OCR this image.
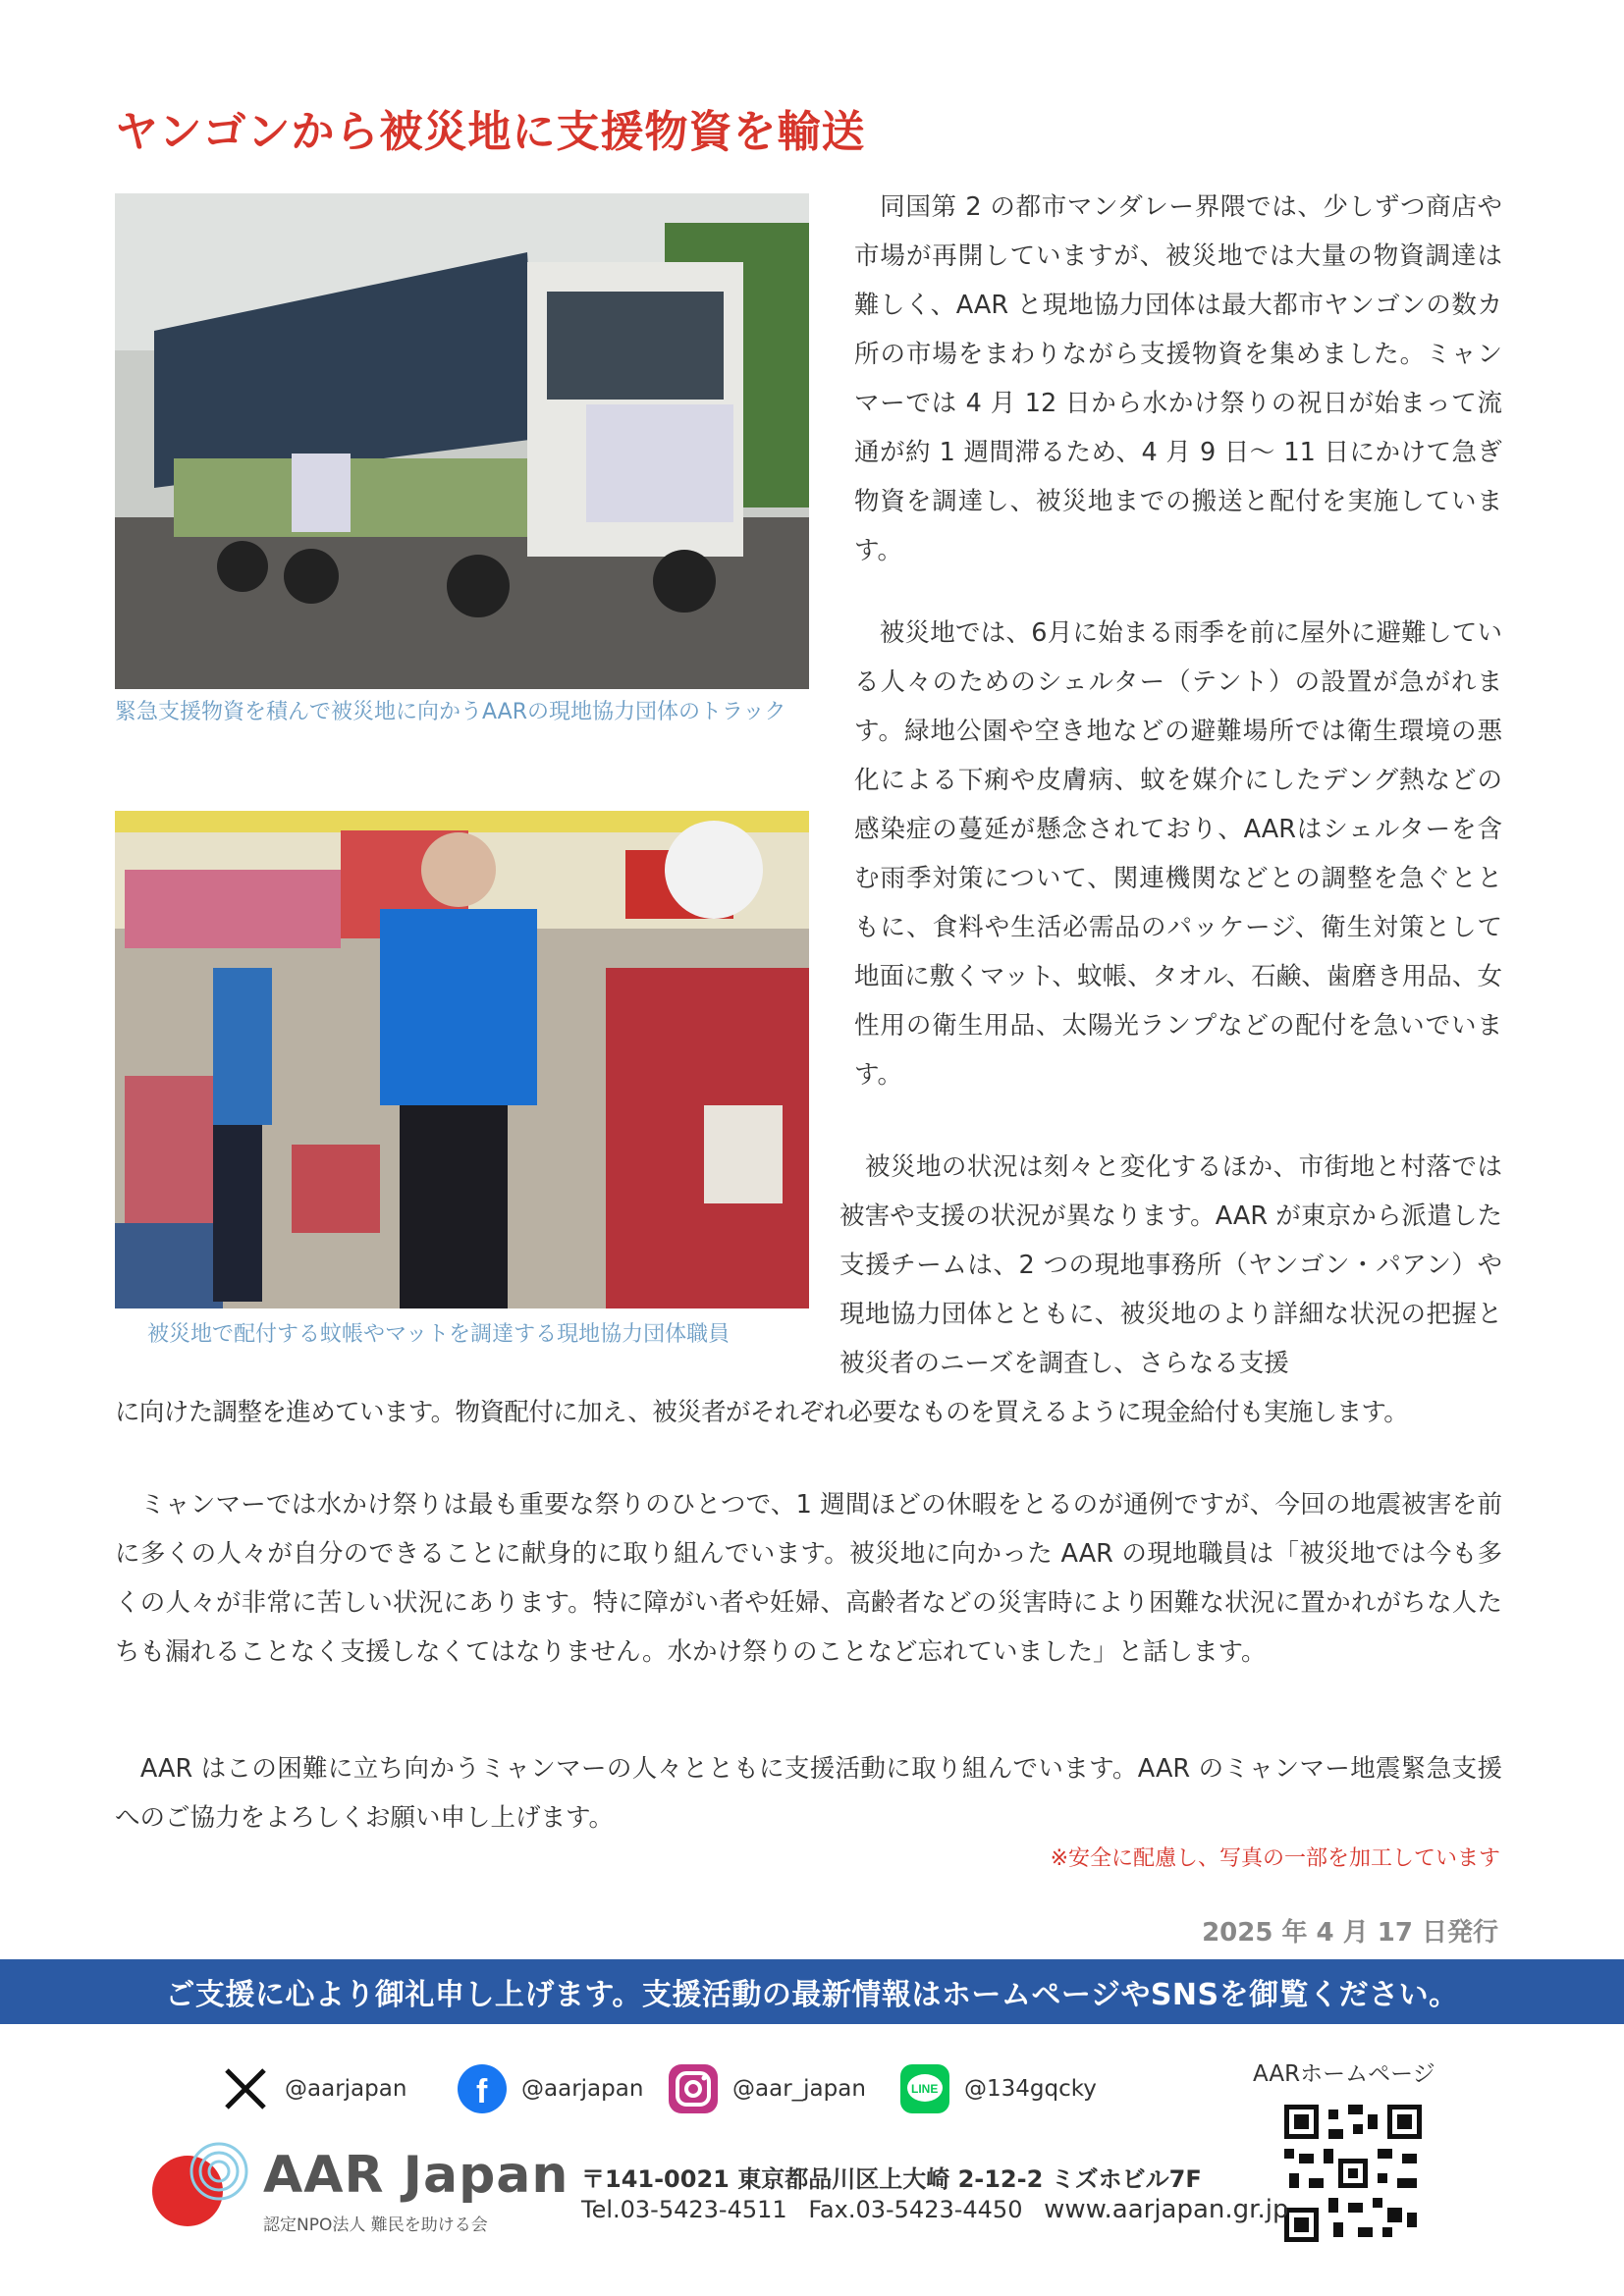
ヤンゴンから被災地に支援物資を輸送
緊急支援物資を積んで被災地に向かうAARの現地協力団体のトラック
被災地で配付する蚊帳やマットを調達する現地協力団体職員

　同国第 2 の都市マンダレー界隈では、少しずつ商店や市場が再開していますが、被災地では大量の物資調達は難しく、AAR と現地協力団体は最大都市ヤンゴンの数カ所の市場をまわりながら支援物資を集めました。ミャンマーでは 4 月 12 日から水かけ祭りの祝日が始まって流通が約 1 週間滞るため、4 月 9 日～ 11 日にかけて急ぎ物資を調達し、被災地までの搬送と配付を実施しています。

　被災地では、6月に始まる雨季を前に屋外に避難している人々のためのシェルター（テント）の設置が急がれます。緑地公園や空き地などの避難場所では衛生環境の悪化による下痢や皮膚病、蚊を媒介にしたデング熱などの感染症の蔓延が懸念されており、AARはシェルターを含む雨季対策について、関連機関などとの調整を急ぐとともに、食料や生活必需品のパッケージ、衛生対策として地面に敷くマット、蚊帳、タオル、石鹸、歯磨き用品、女性用の衛生用品、太陽光ランプなどの配付を急いでいます。

　被災地の状況は刻々と変化するほか、市街地と村落では被害や支援の状況が異なります。AAR が東京から派遣した支援チームは、2 つの現地事務所（ヤンゴン・パアン）や現地協力団体とともに、被災地のより詳細な状況の把握と被災者のニーズを調査し、さらなる支援

に向けた調整を進めています。物資配付に加え、被災者がそれぞれ必要なものを買えるように現金給付も実施します。

　ミャンマーでは水かけ祭りは最も重要な祭りのひとつで、1 週間ほどの休暇をとるのが通例ですが、今回の地震被害を前に多くの人々が自分のできることに献身的に取り組んでいます。被災地に向かった AAR の現地職員は「被災地では今も多くの人々が非常に苦しい状況にあります。特に障がい者や妊婦、高齢者などの災害時により困難な状況に置かれがちな人たちも漏れることなく支援しなくてはなりません。水かけ祭りのことなど忘れていました」と話します。

　AAR はこの困難に立ち向かうミャンマーの人々とともに支援活動に取り組んでいます。AAR のミャンマー地震緊急支援へのご協力をよろしくお願い申し上げます。

※安全に配慮し、写真の一部を加工しています
2025 年 4 月 17 日発行
ご支援に心より御礼申し上げます。支援活動の最新情報はホームページやSNSを御覧ください。
@aarjapan f @aarjapan	@aar_japan	LINE @134gqcky
AARホームページ
AAR Japan
認定NPO法人 難民を助ける会
〒141-0021 東京都品川区上大崎 2-12-2 ミズホビル7F
Tel.03-5423-4511 Fax.03-5423-4450 www.aarjapan.gr.jp
